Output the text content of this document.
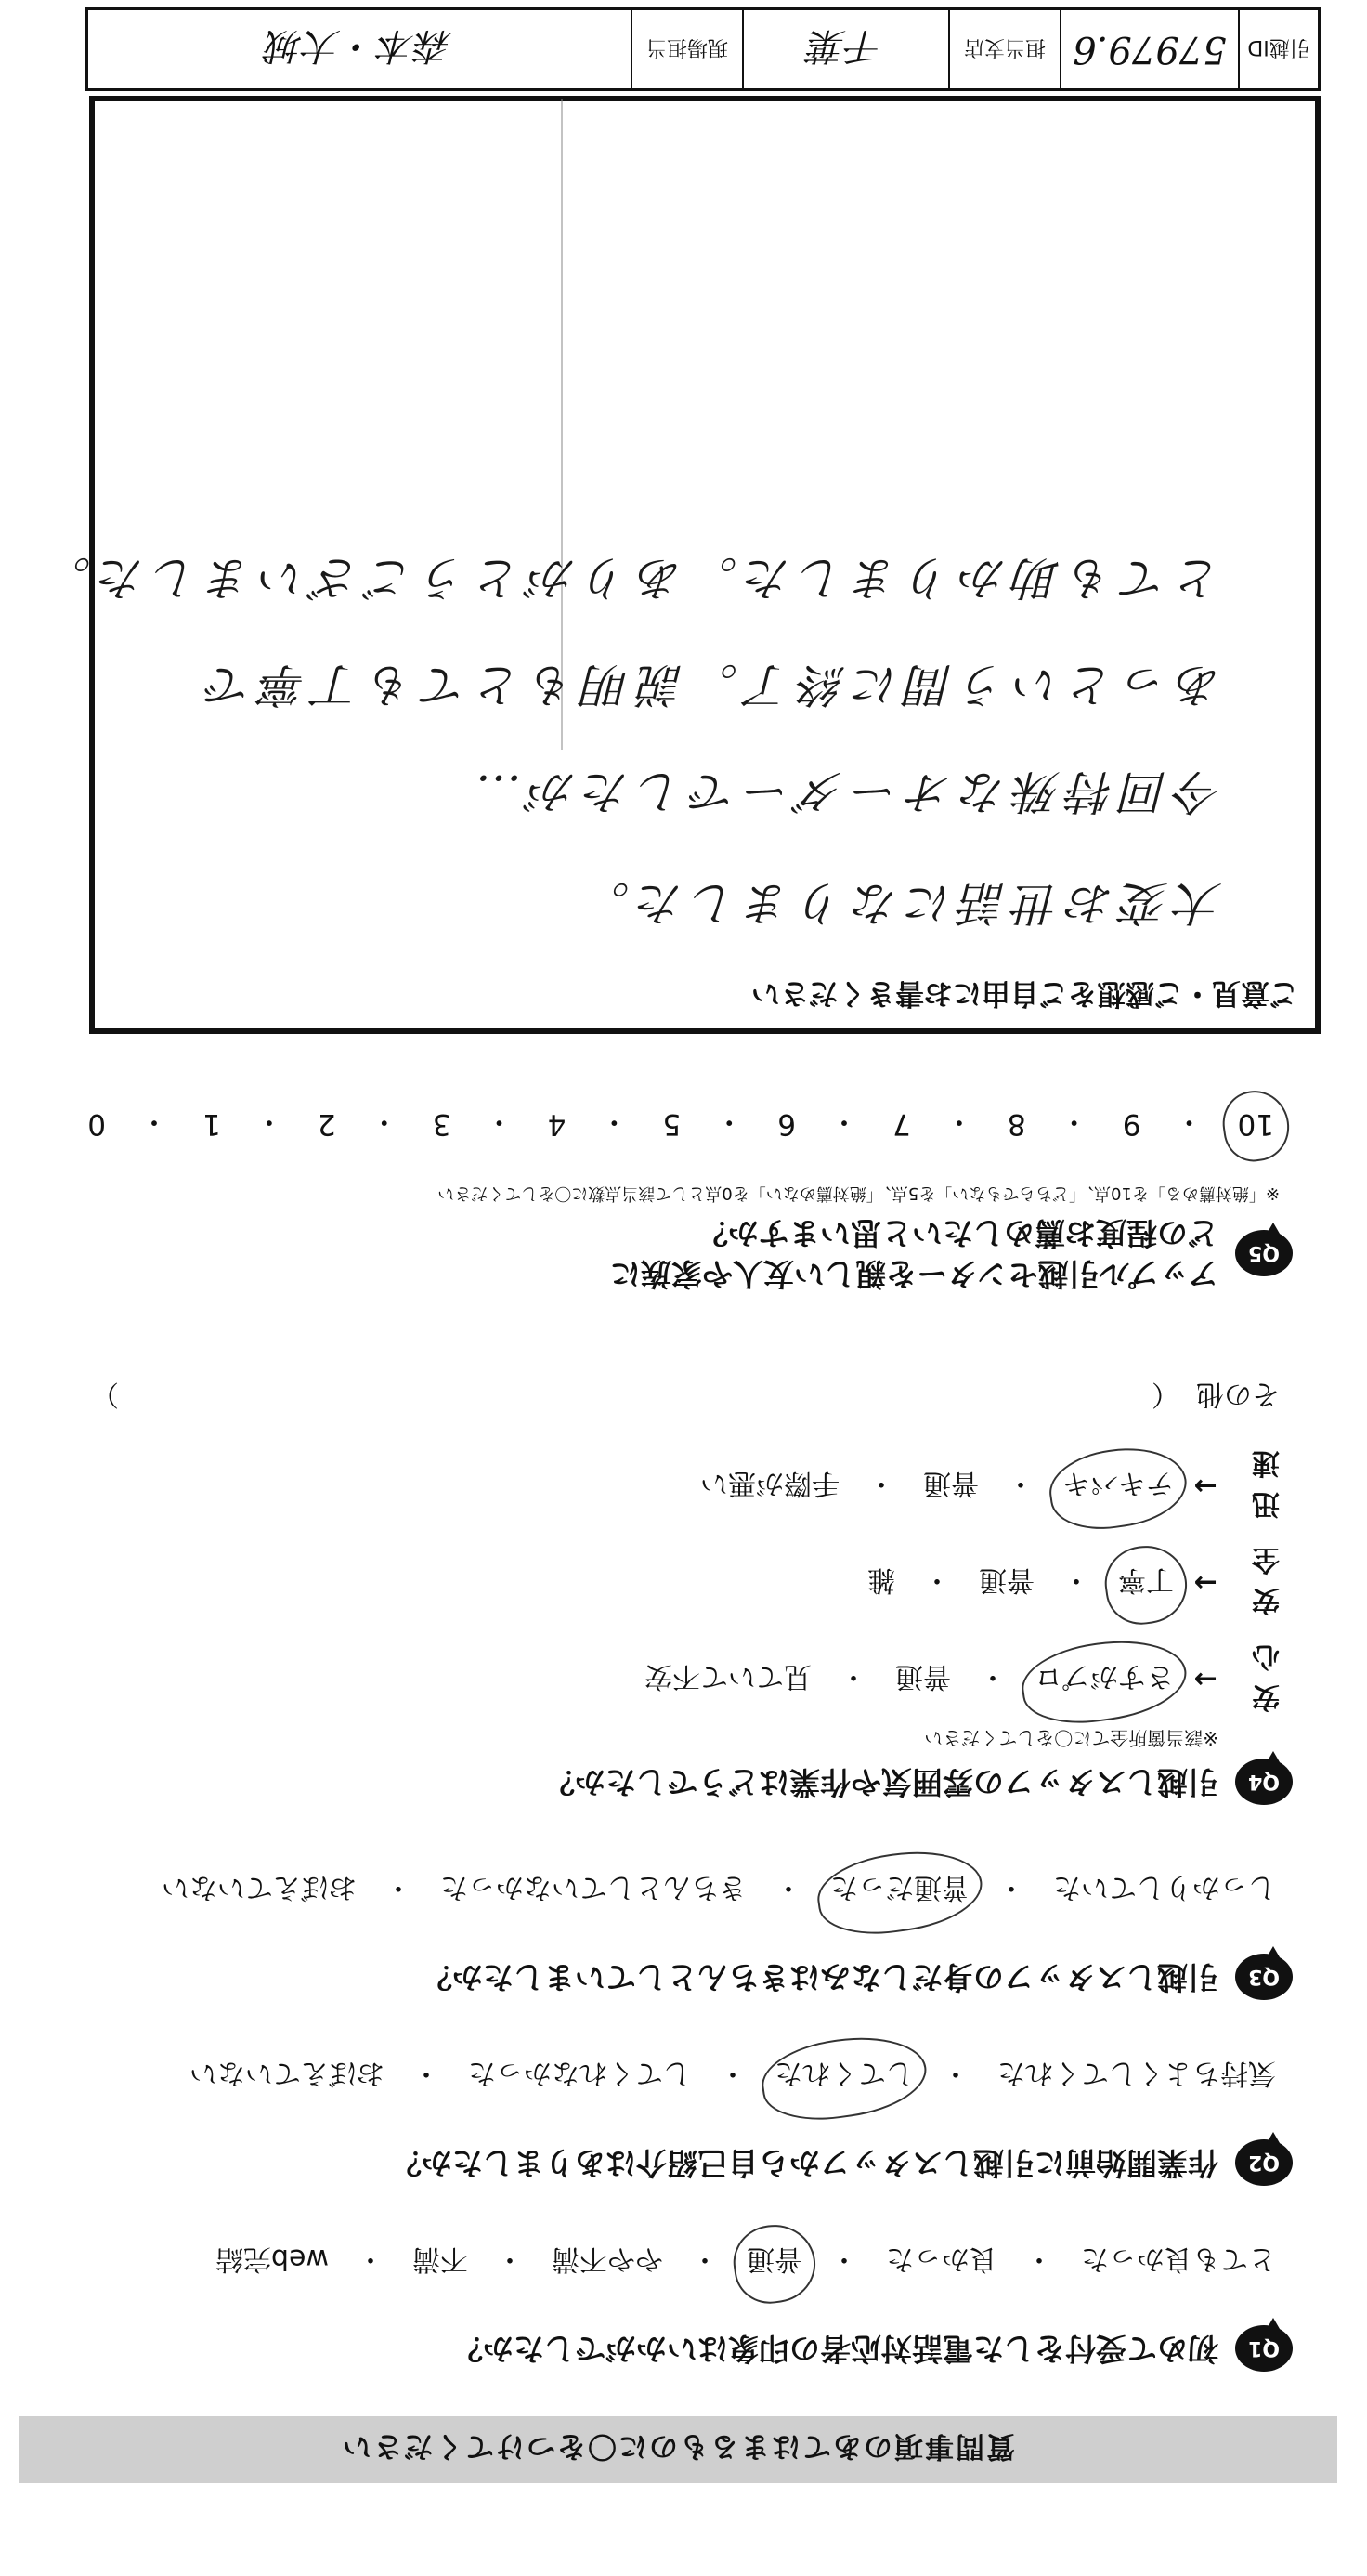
質問事項のあてはまるものに〇をつけてください
Q1
初めて受付をした電話対応者の印象はいかがでしたか？
とても良かった
・
良かった
・
普通
・
やや不満
・
不満
・
web完結
Q2
作業開始前に引越しスタッフから自己紹介はありましたか？
気持ちよくしてくれた
・
してくれた
・
してくれなかった
・
おぼえていない
Q3
引越しスタッフの身だしなみはきちんとしていましたか？
しっかりしていた
・
普通だった
・
きちんとしていなかった
・
おぼえていない
Q4
引越しスタッフの雰囲気や作業はどうでしたか？
※該当箇所全てに〇をしてください
安心
→
さすがプロ
・
普通
・
見ていて不安
安全
→
丁寧
・
普通
・
雑
迅速
→
テキパキ
・
普通
・
手際が悪い
その他
（
）
Q5
アップル引越センターを親しい友人や家族に
どの程度お薦めしたいと思いますか？
※「絶対薦める」を10点、「どちらでもない」を5点、「絶対薦めない」を0点として該当点数に〇をしてください
10
・
9
・
8
・
7
・
6
・
5
・
4
・
3
・
2
・
1
・
0
ご意見・ご感想をご自由にお書きください
大変お世話になりました。
今回特殊なオーダーでしたが…
あっという間に終了。説明もとても丁寧で
とても助かりました。ありがとうございました。
引越ID
57979.6
担当支店
千葉
現場担当
森本・大城
